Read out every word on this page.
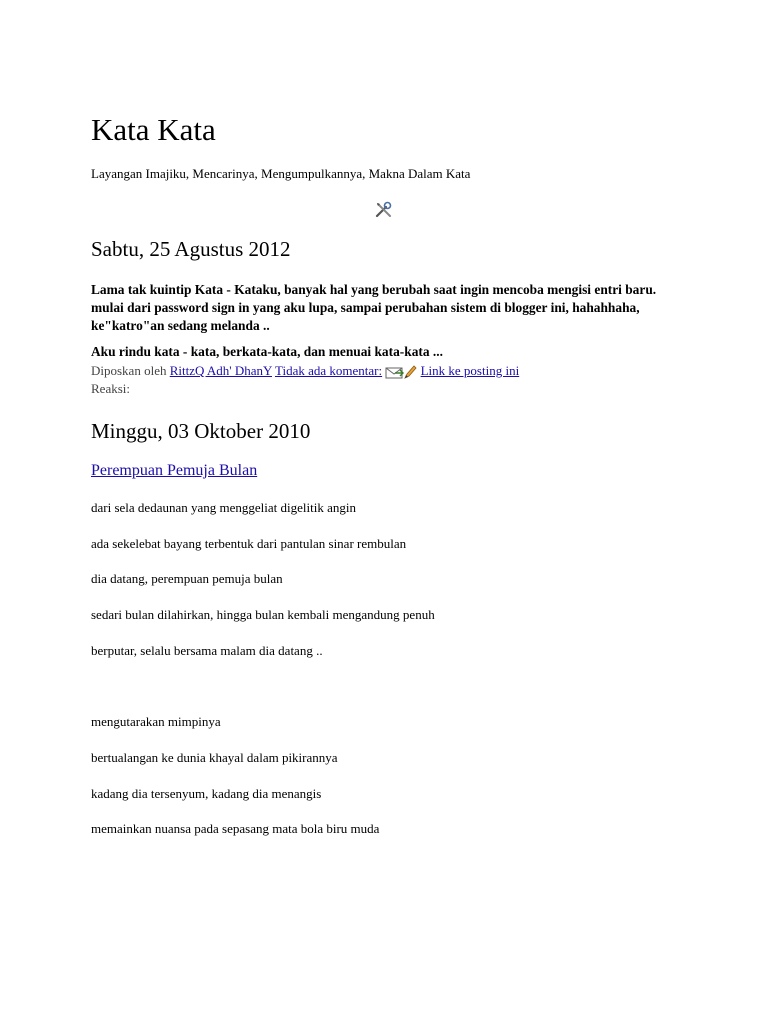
Kata Kata
Layangan Imajiku, Mencarinya, Mengumpulkannya, Makna Dalam Kata
Sabtu, 25 Agustus 2012

Lama tak kuintip Kata - Kataku, banyak hal yang berubah saat ingin mencoba mengisi entri baru. mulai dari password sign in yang aku lupa, sampai perubahan sistem di blogger ini, hahahhaha, ke"katro"an sedang melanda ..

Aku rindu kata - kata, berkata-kata, dan menuai kata-kata ...
Diposkan oleh RittzQ Adh' DhanY Tidak ada komentar:	Link ke posting ini
Reaksi:
Minggu, 03 Oktober 2010
Perempuan Pemuja Bulan
dari sela dedaunan yang menggeliat digelitik angin
ada sekelebat bayang terbentuk dari pantulan sinar rembulan
dia datang, perempuan pemuja bulan
sedari bulan dilahirkan, hingga bulan kembali mengandung penuh
berputar, selalu bersama malam dia datang ..
mengutarakan mimpinya
bertualangan ke dunia khayal dalam pikirannya
kadang dia tersenyum, kadang dia menangis
memainkan nuansa pada sepasang mata bola biru muda
